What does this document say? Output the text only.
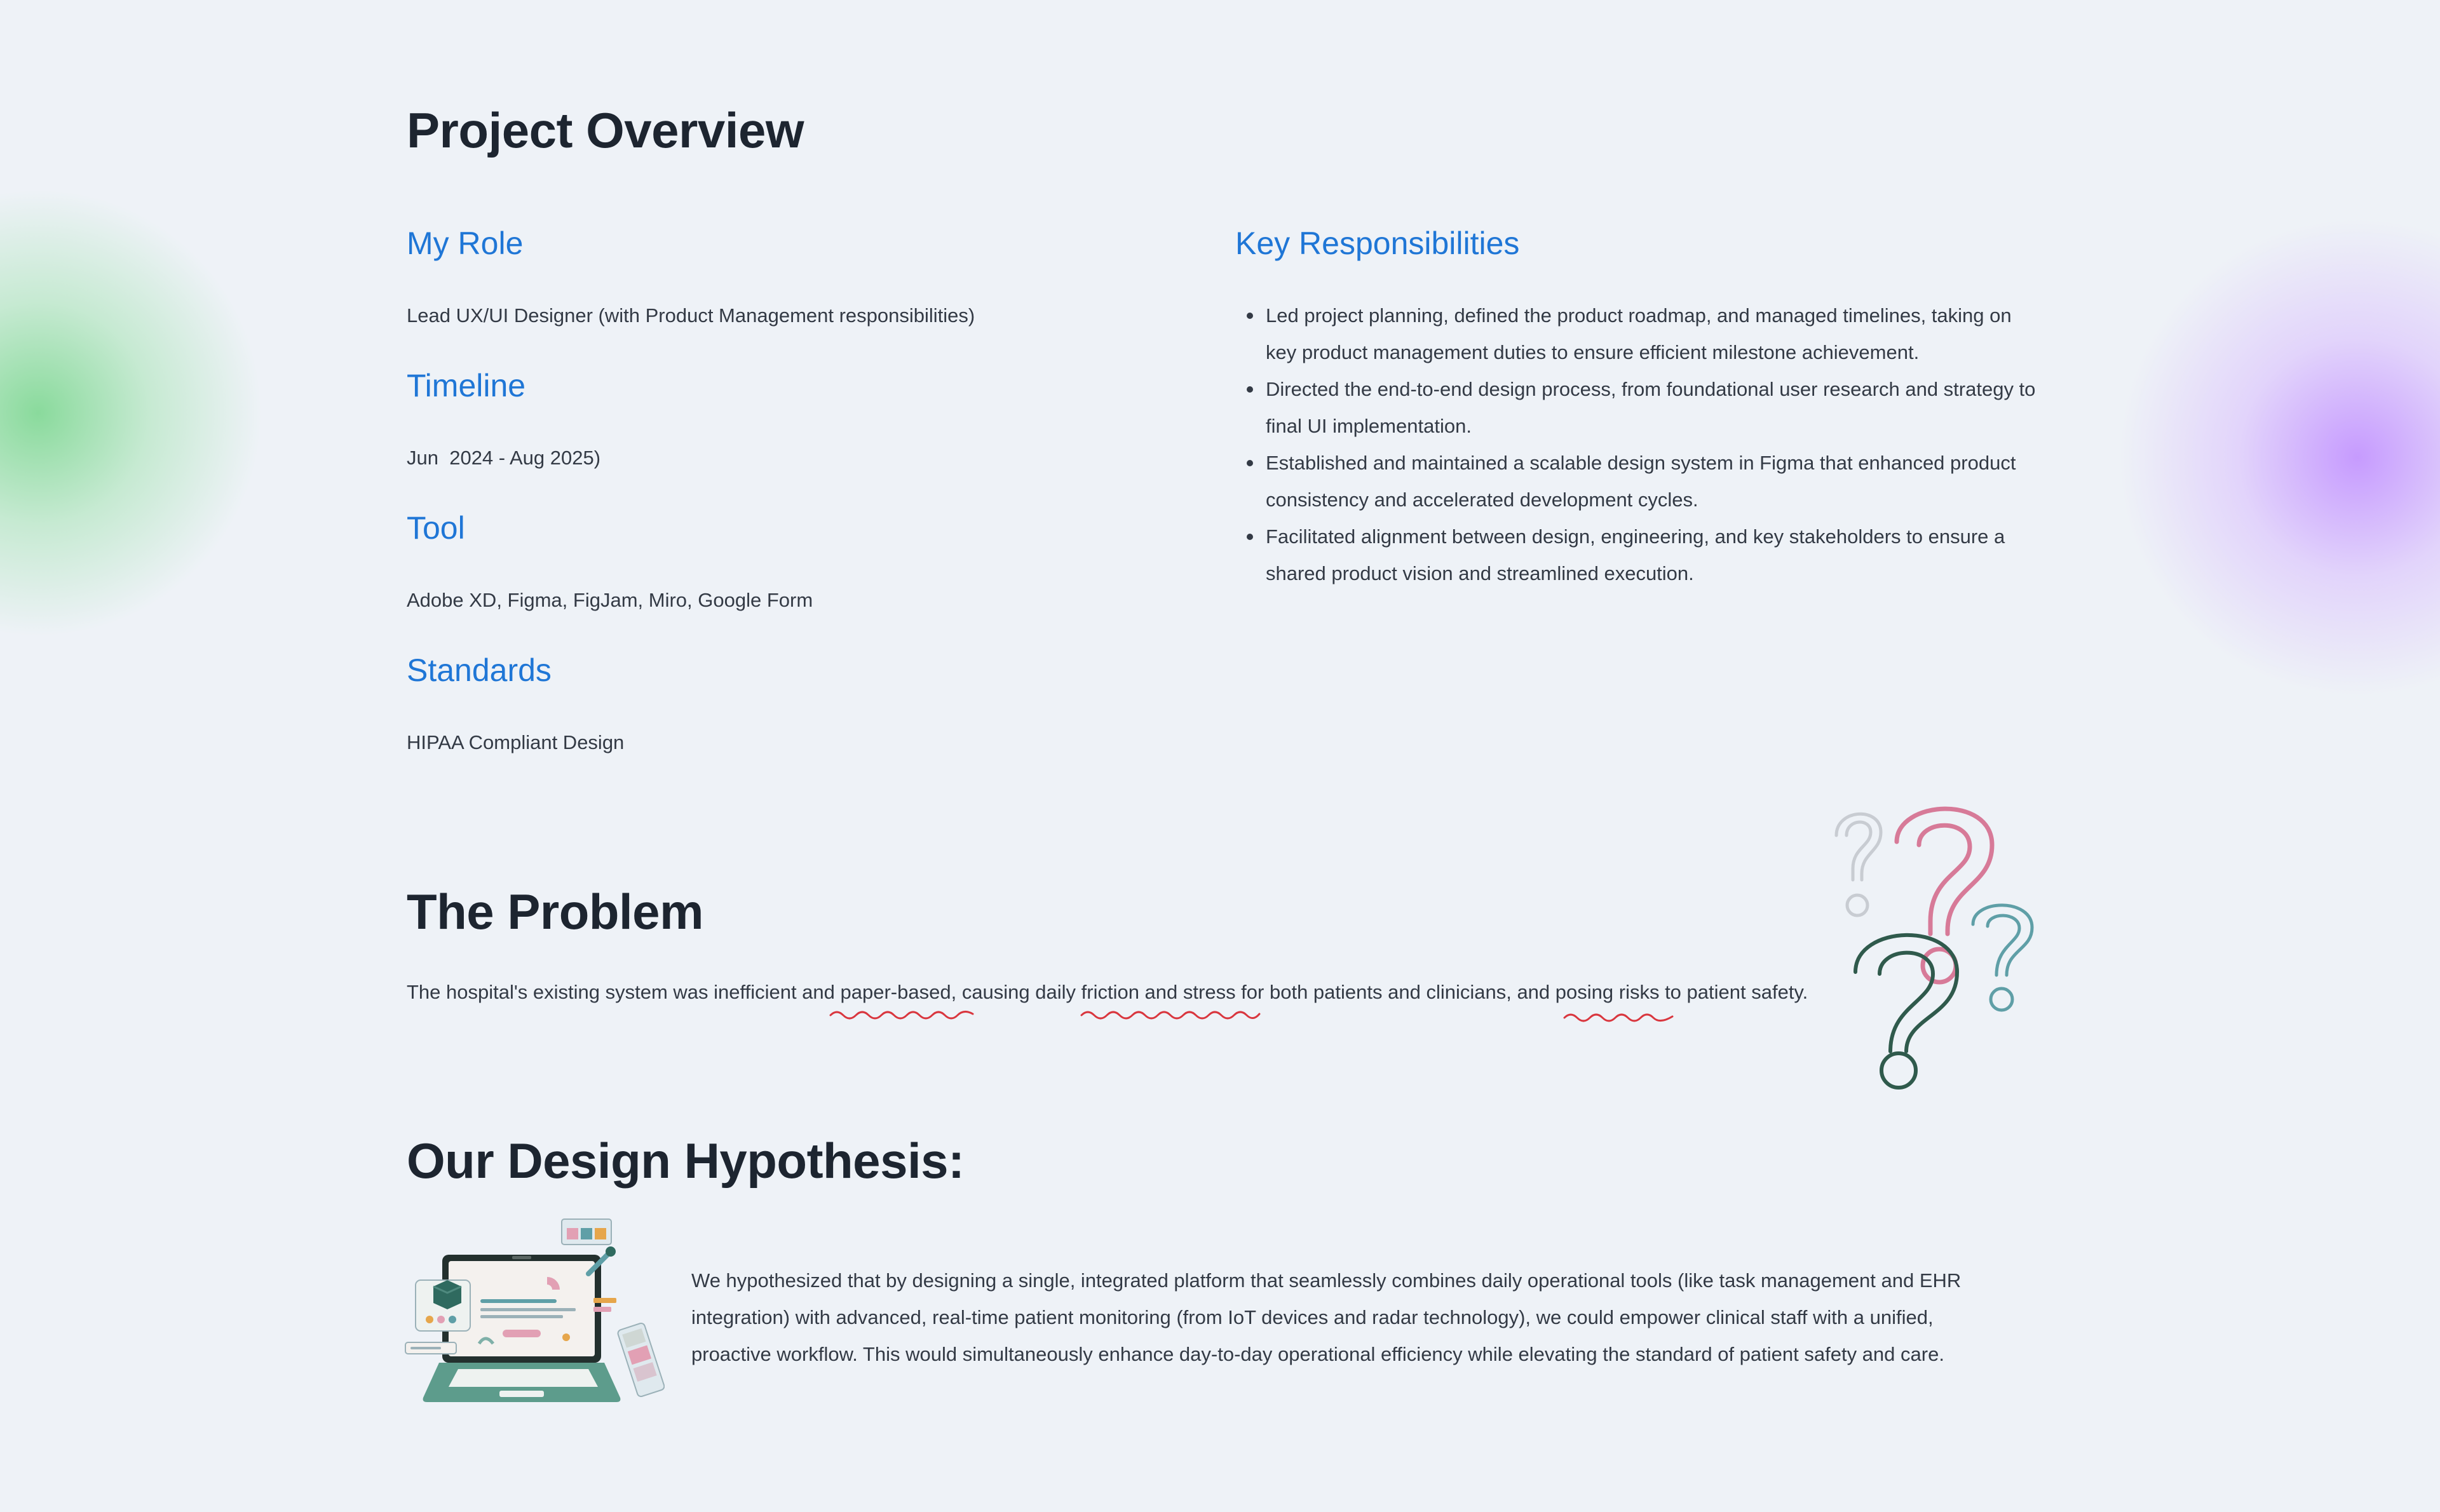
Project Overview
My Role
Lead UX/UI Designer (with Product Management responsibilities)
Timeline
Jun  2024 - Aug 2025)
Tool
Adobe XD, Figma, FigJam, Miro, Google Form
Standards
HIPAA Compliant Design
Key Responsibilities
Led project planning, defined the product roadmap, and managed timelines, taking on key product management duties to ensure efficient milestone achievement.
Directed the end-to-end design process, from foundational user research and strategy to final UI implementation.
Established and maintained a scalable design system in Figma that enhanced product consistency and accelerated development cycles.
Facilitated alignment between design, engineering, and key stakeholders to ensure a shared product vision and streamlined execution.
The Problem
The hospital's existing system was inefficient and paper-based, causing daily friction and stress for both patients and clinicians, and posing risks to patient safety.
Our Design Hypothesis:
We hypothesized that by designing a single, integrated platform that seamlessly combines daily operational tools (like task management and EHR integration) with advanced, real-time patient monitoring (from IoT devices and radar technology), we could empower clinical staff with a unified, proactive workflow. This would simultaneously enhance day-to-day operational efficiency while elevating the standard of patient safety and care.
